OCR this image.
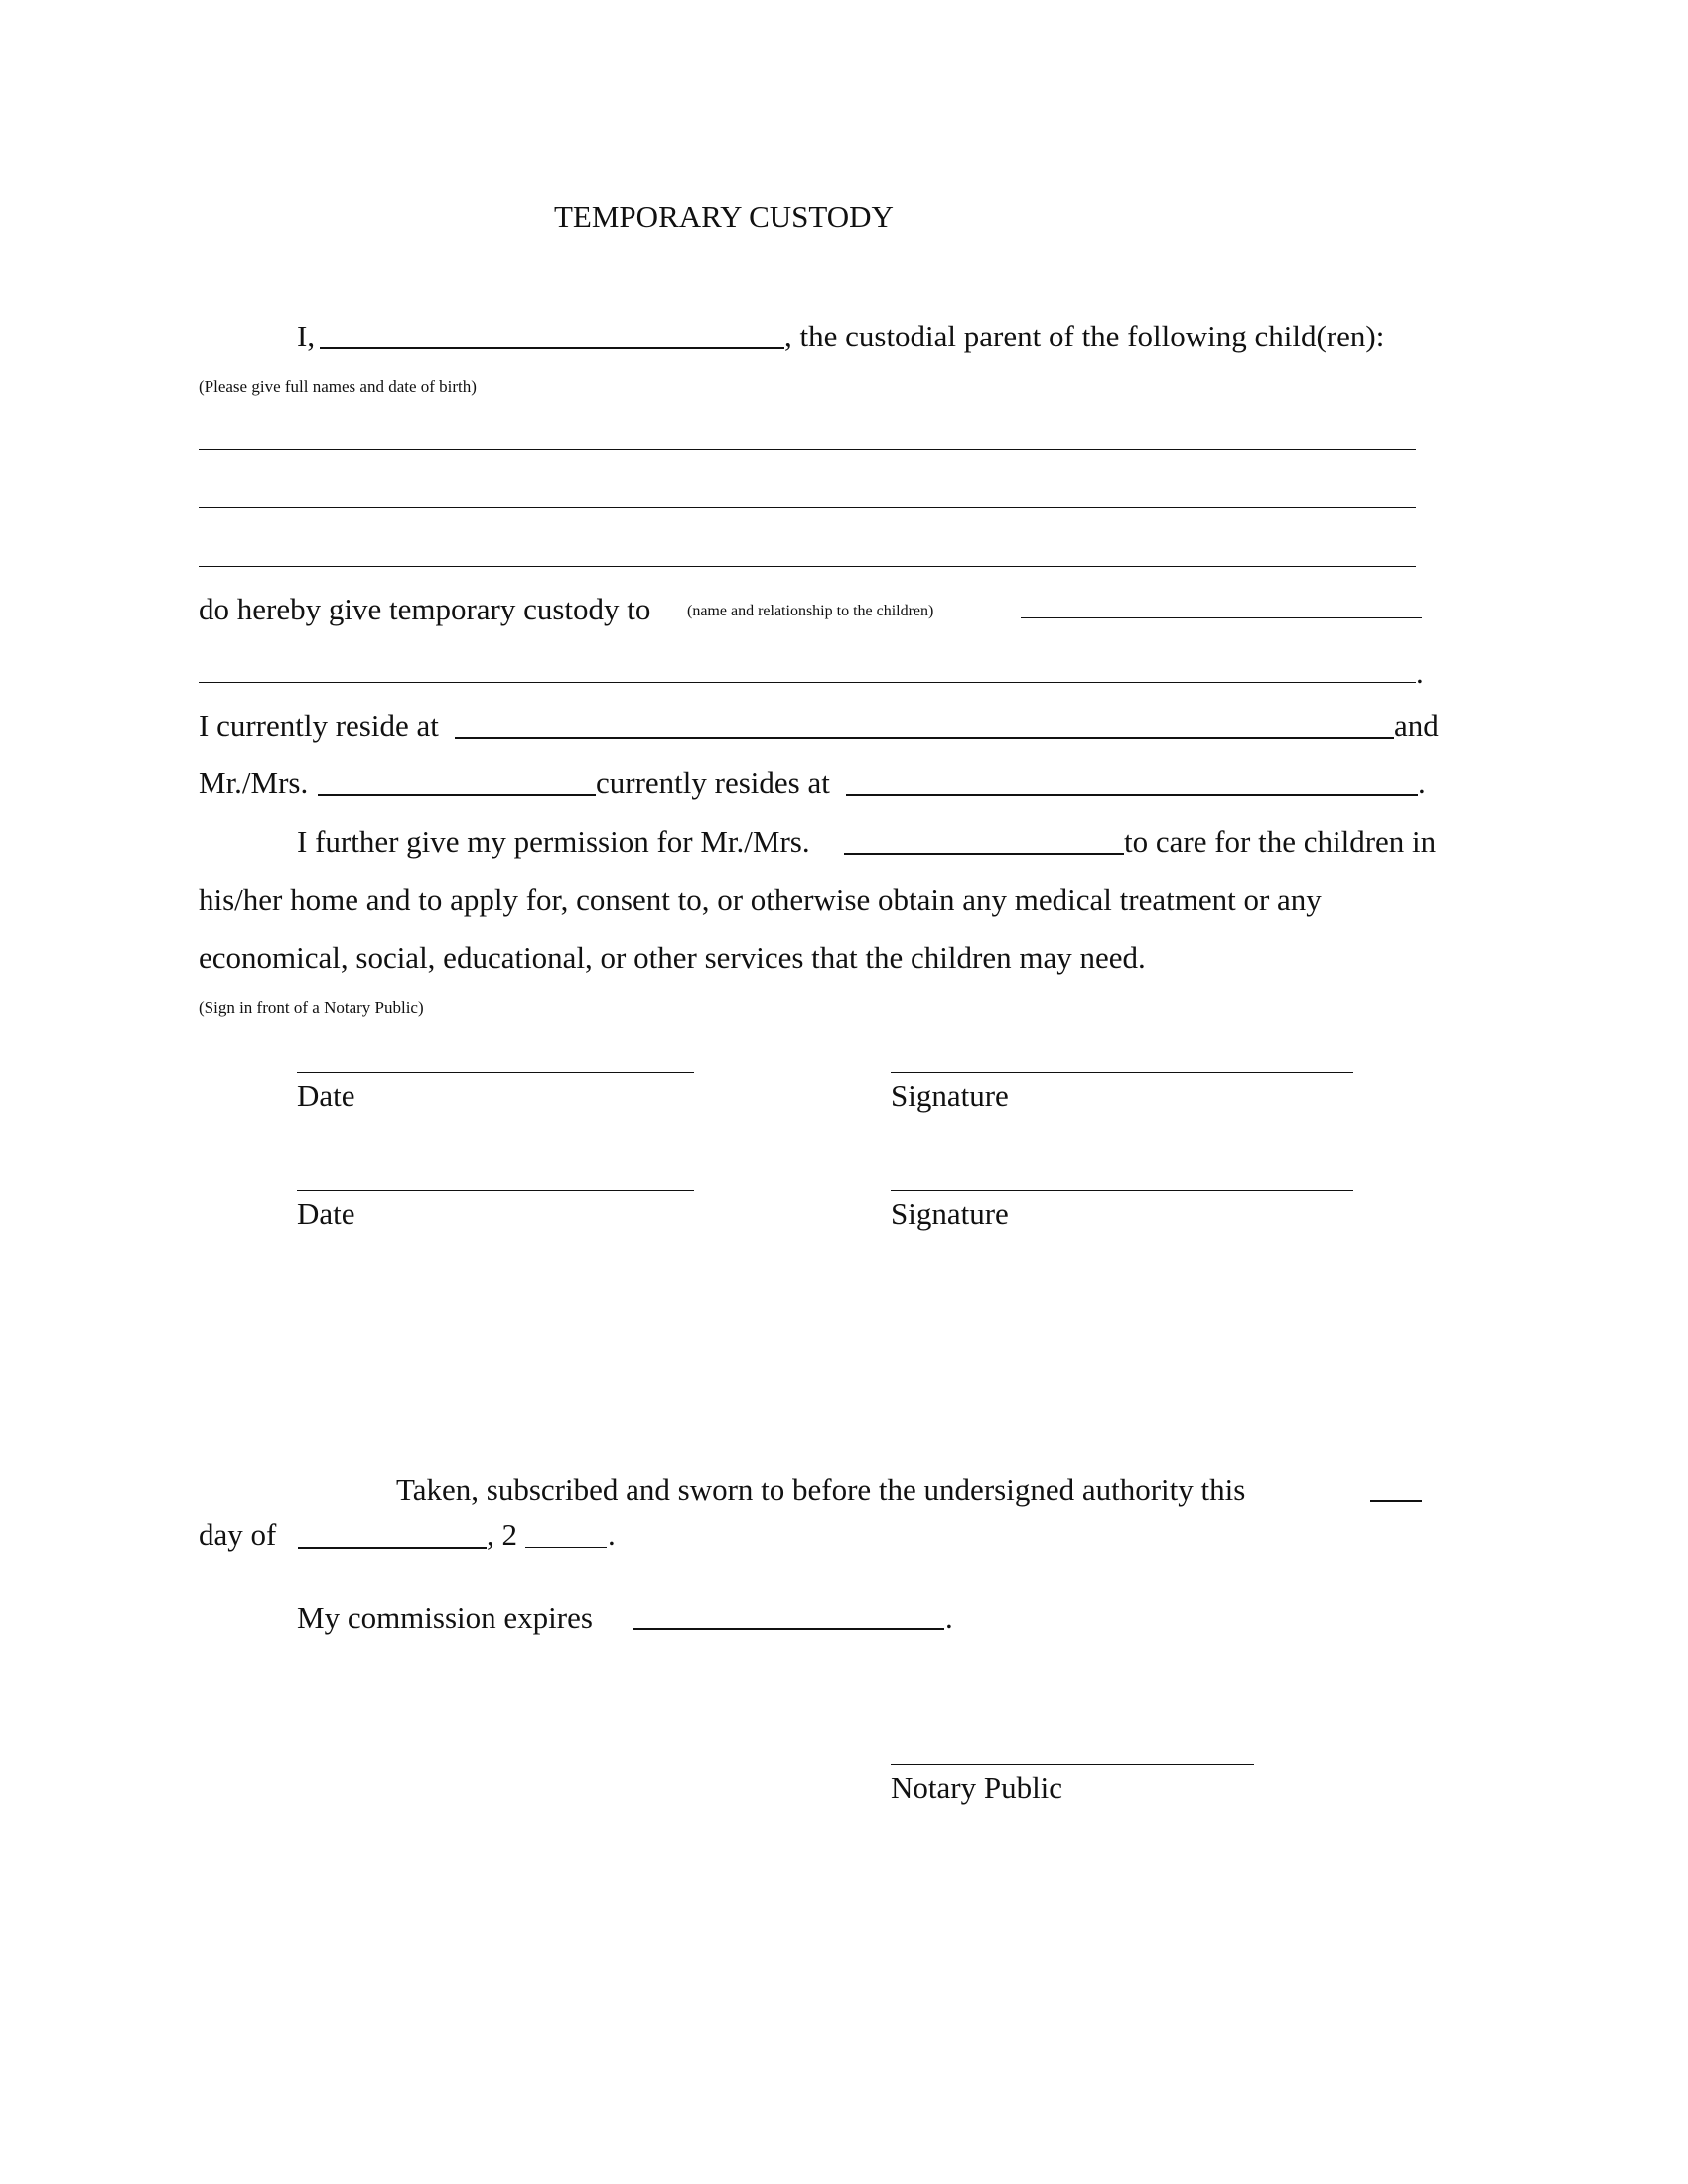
TEMPORARY CUSTODY
I,	, the custodial parent of the following child(ren):
(Please give full names and date of birth)
do hereby give temporary custody to (name and relationship to the children)
.
I currently reside at	and
Mr./Mrs.	currently resides at	.
I further give my permission for Mr./Mrs.	to care for the children in
his/her home and to apply for, consent to, or otherwise obtain any medical treatment or any
economical, social, educational, or other services that the children may need.
(Sign in front of a Notary Public)
Date	Signature
Date	Signature
Taken, subscribed and sworn to before the undersigned authority this
day of	, 2	.
My commission expires	.
Notary Public
